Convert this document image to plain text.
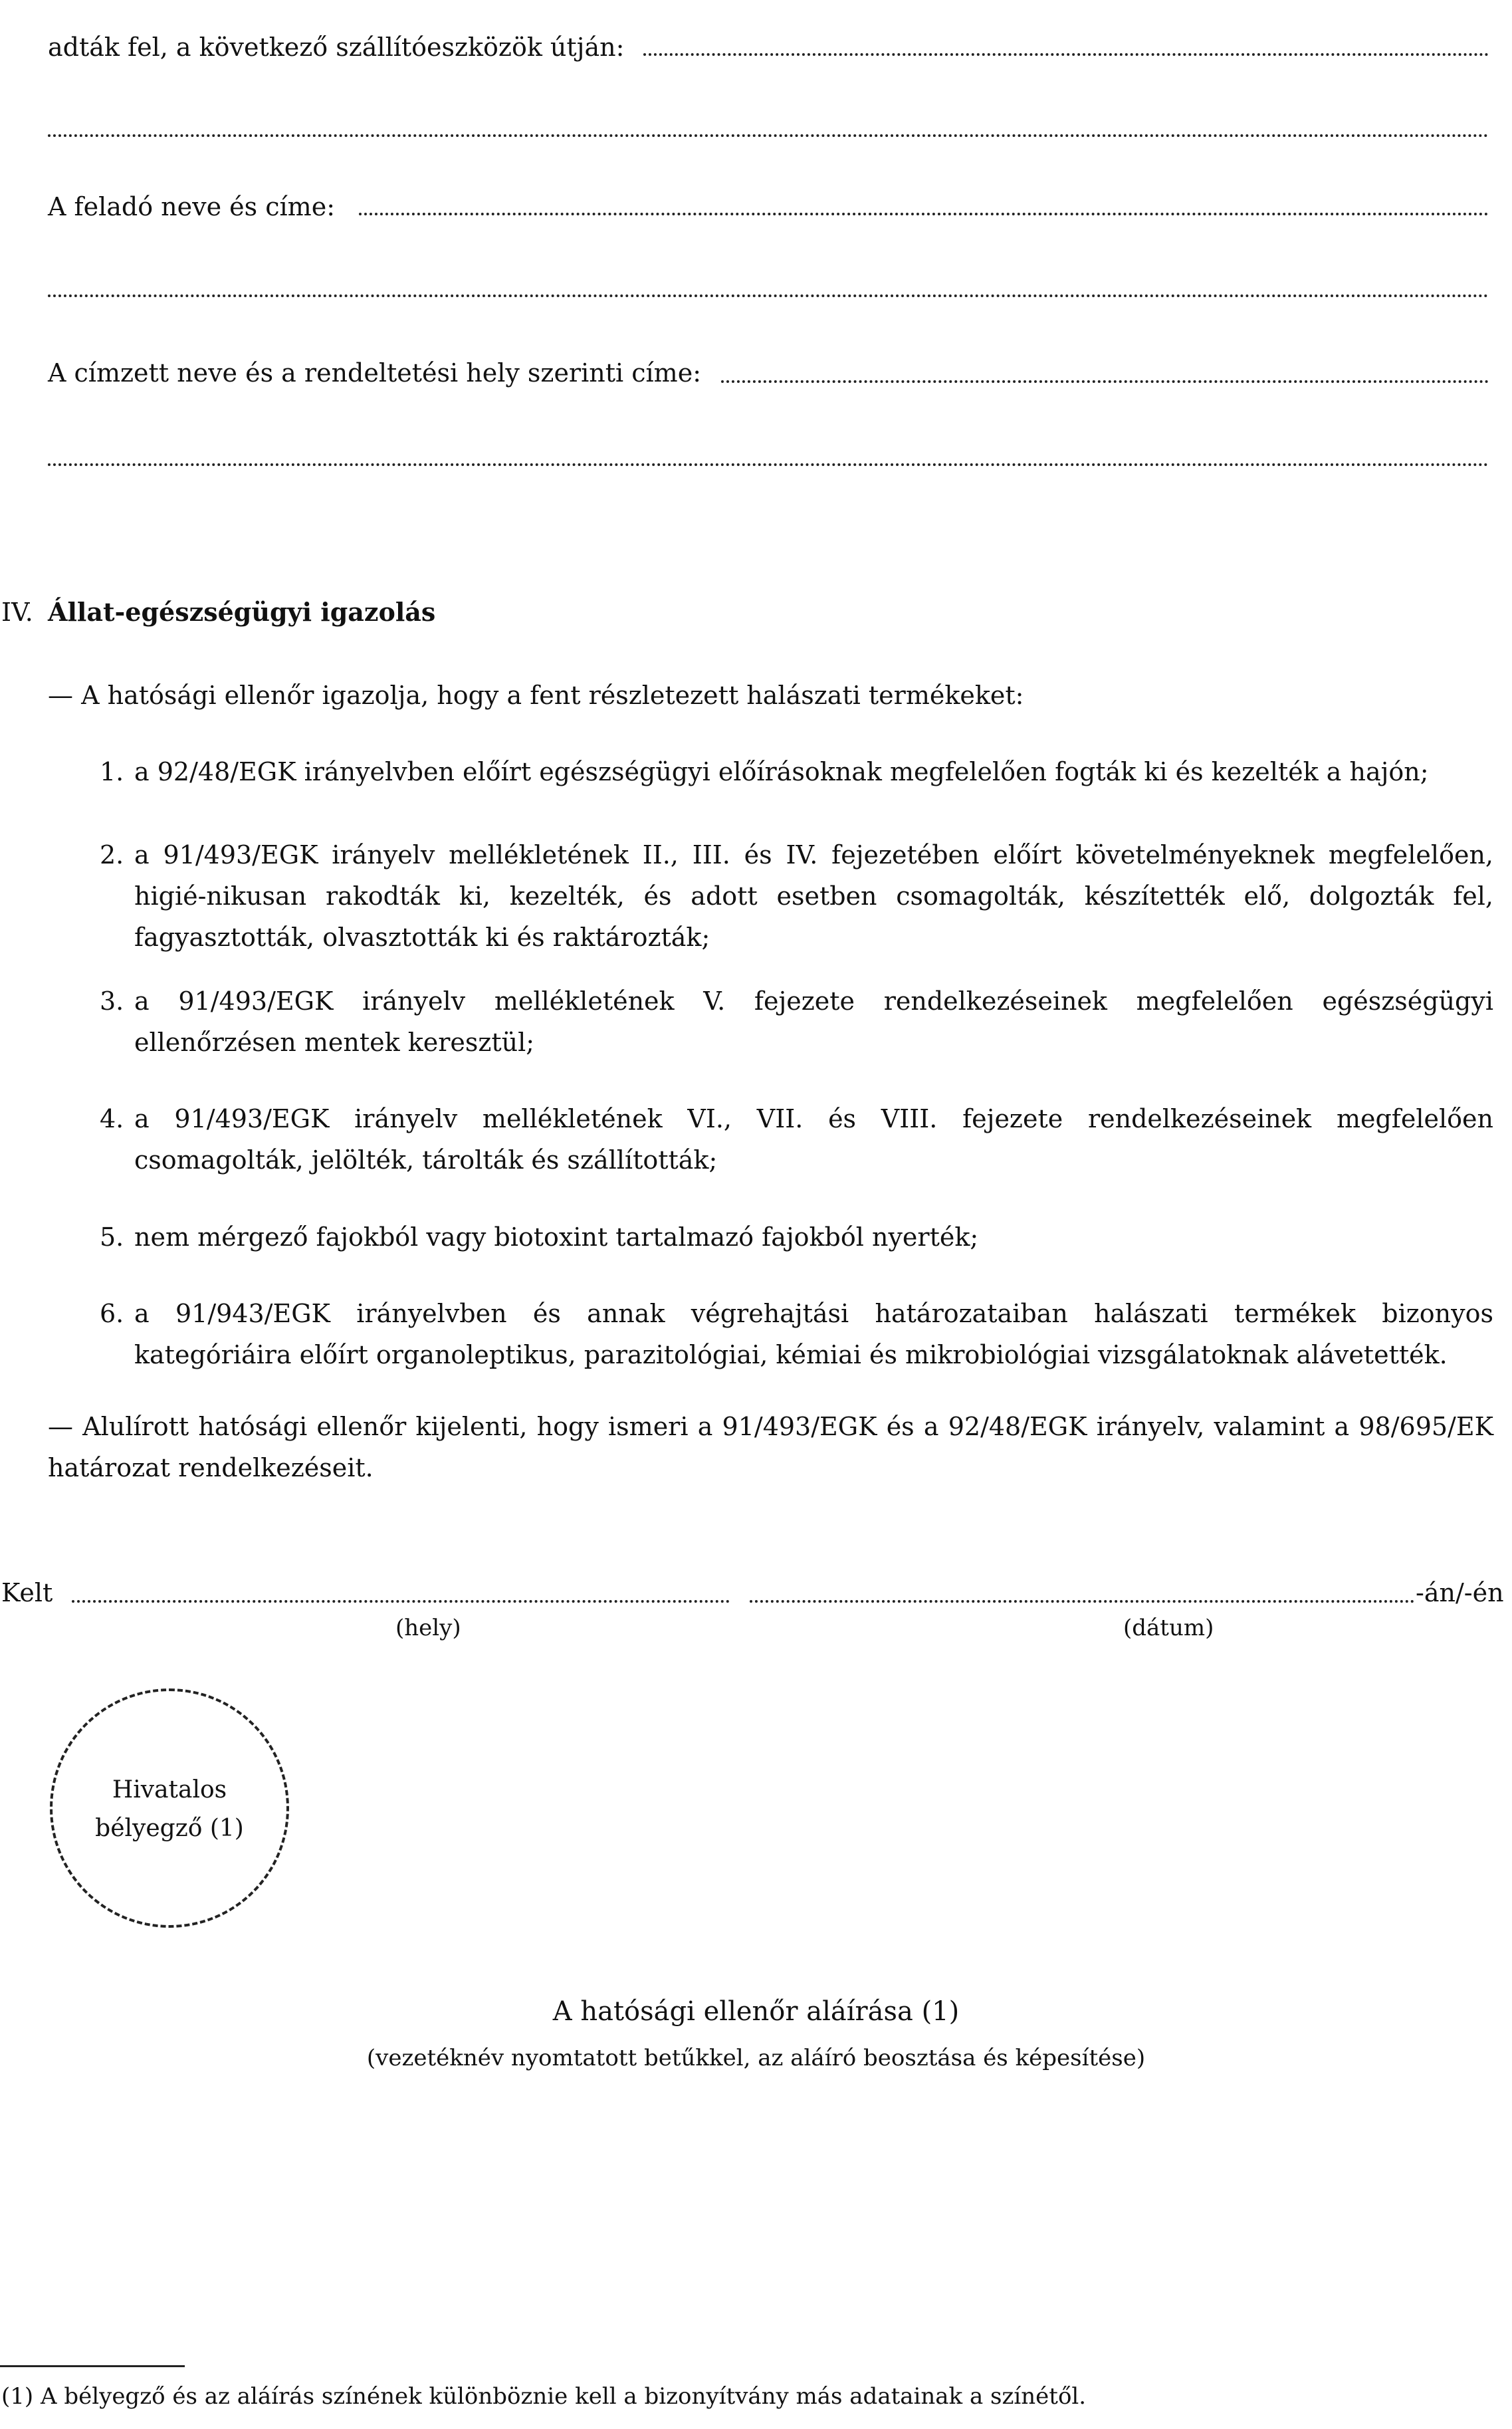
adták fel, a következő szállítóeszközök útján:
A feladó neve és címe:
A címzett neve és a rendeltetési hely szerinti címe:
IV. Állat-egészségügyi igazolás
— A hatósági ellenőr igazolja, hogy a fent részletezett halászati termékeket:
1. a 92/48/EGK irányelvben előírt egészségügyi előírásoknak megfelelően fogták ki és kezelték a hajón;
2. a 91/493/EGK irányelv mellékletének II., III. és IV. fejezetében előírt követelményeknek megfelelően, higié-nikusan rakodták ki, kezelték, és adott esetben csomagolták, készítették elő, dolgozták fel, fagyasztották, olvasztották ki és raktározták;
3. a 91/493/EGK irányelv mellékletének V. fejezete rendelkezéseinek megfelelően egészségügyi ellenőrzésen mentek keresztül;
4. a 91/493/EGK irányelv mellékletének VI., VII. és VIII. fejezete rendelkezéseinek megfelelően csomagolták, jelölték, tárolták és szállították;
5. nem mérgező fajokból vagy biotoxint tartalmazó fajokból nyerték;
6. a 91/943/EGK irányelvben és annak végrehajtási határozataiban halászati termékek bizonyos kategóriáira előírt organoleptikus, parazitológiai, kémiai és mikrobiológiai vizsgálatoknak alávetették.
— Alulírott hatósági ellenőr kijelenti, hogy ismeri a 91/493/EGK és a 92/48/EGK irányelv, valamint a 98/695/EK határozat rendelkezéseit.
Kelt	-án/-én
(hely)	(dátum)
Hivatalos
bélyegző (1)
A hatósági ellenőr aláírása (1)
(vezetéknév nyomtatott betűkkel, az aláíró beosztása és képesítése)
(1) A bélyegző és az aláírás színének különböznie kell a bizonyítvány más adatainak a színétől.
